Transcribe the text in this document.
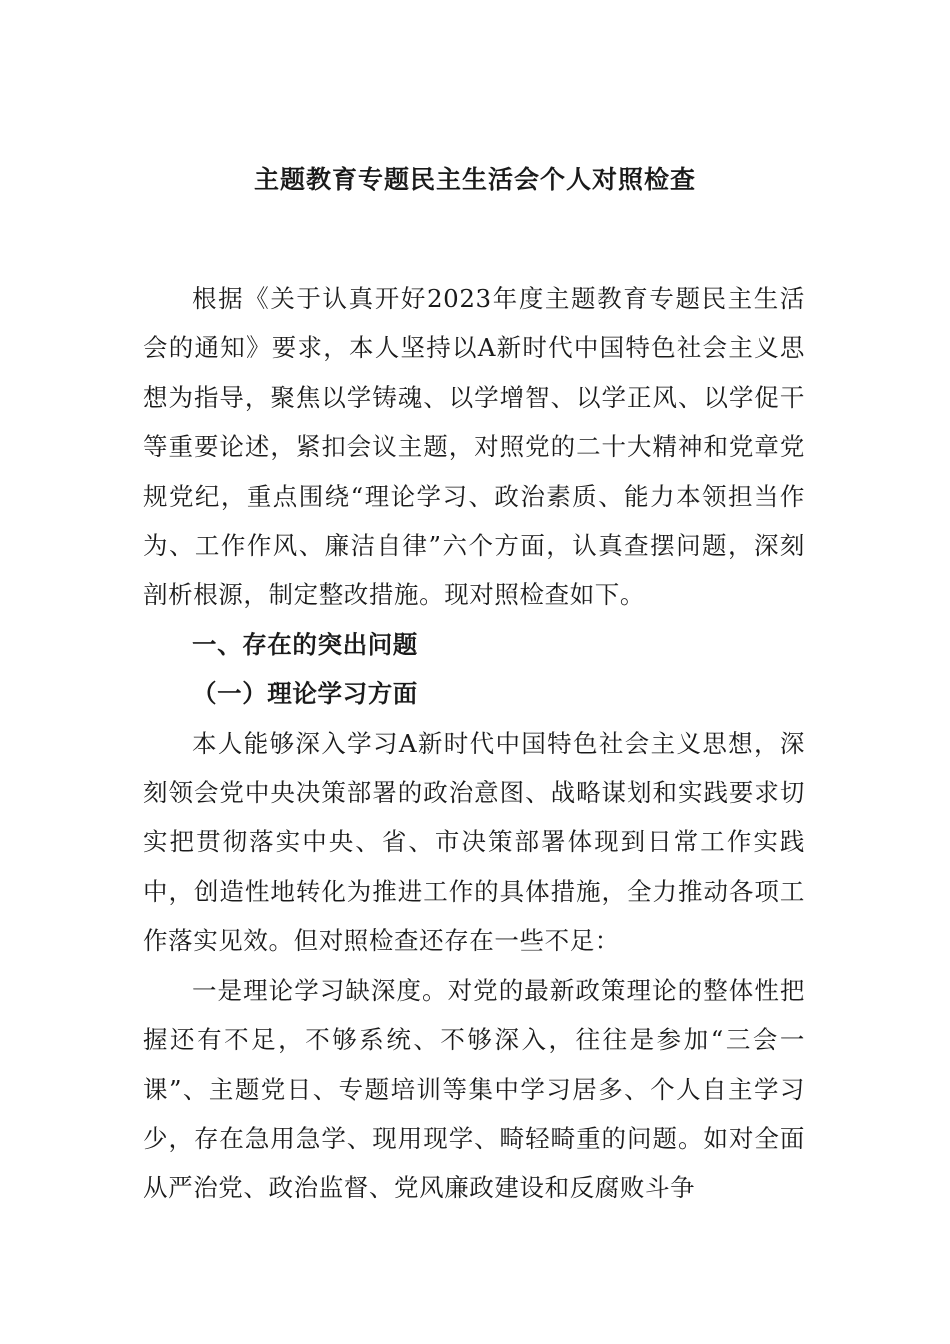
主题教育专题民主生活会个人对照检查

根据《关于认真开好2023年度主题教育专题民主生活会的通知》要求，本人坚持以A新时代中国特色社会主义思想为指导，聚焦以学铸魂、以学增智、以学正风、以学促干等重要论述，紧扣会议主题，对照党的二十大精神和党章党规党纪，重点围绕“理论学习、政治素质、能力本领担当作为、工作作风、廉洁自律”六个方面，认真查摆问题，深刻剖析根源，制定整改措施。现对照检查如下。

一、存在的突出问题

（一）理论学习方面

本人能够深入学习A新时代中国特色社会主义思想，深刻领会党中央决策部署的政治意图、战略谋划和实践要求切实把贯彻落实中央、省、市决策部署体现到日常工作实践中，创造性地转化为推进工作的具体措施，全力推动各项工作落实见效。但对照检查还存在一些不足：

一是理论学习缺深度。对党的最新政策理论的整体性把握还有不足，不够系统、不够深入，往往是参加“三会一课”、主题党日、专题培训等集中学习居多、个人自主学习少，存在急用急学、现用现学、畸轻畸重的问题。如对全面从严治党、政治监督、党风廉政建设和反腐败斗争
